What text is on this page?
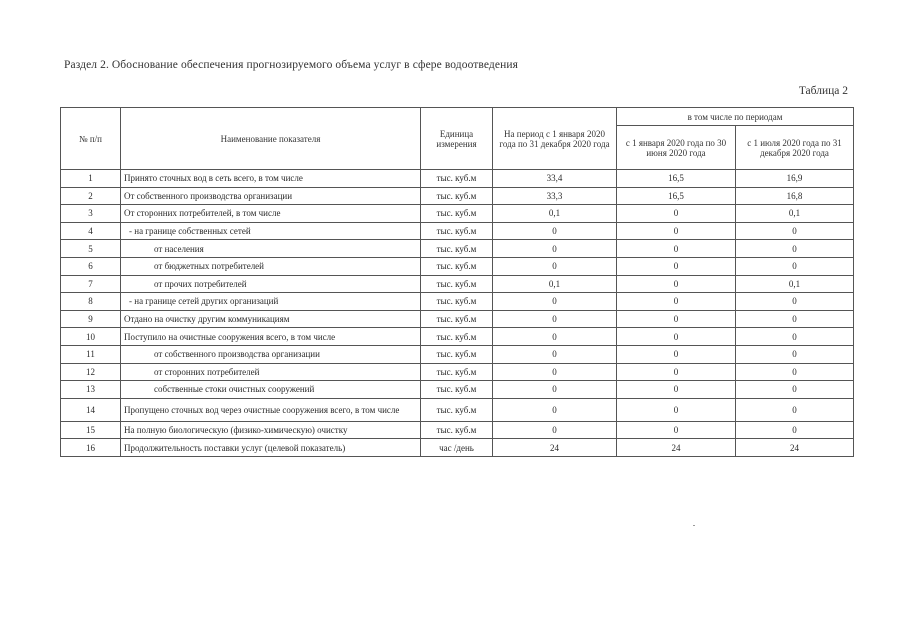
Раздел 2. Обоснование обеспечения прогнозируемого объема услуг в сфере водоотведения
Таблица 2
№ п/п	Наименование показателя	Единица измерения	На период с 1 января 2020 года по 31 декабря 2020 года	в том числе по периодам	
				с 1 января 2020 года по 30 июня 2020 года	с 1 июля 2020 года по 31 декабря 2020 года
1	Принято сточных вод в сеть всего, в том числе	тыс. куб.м	33,4	16,5	16,9
2	От собственного производства организации	тыс. куб.м	33,3	16,5	16,8
3	От сторонних потребителей, в том числе	тыс. куб.м	0,1	0	0,1
4	- на границе собственных сетей	тыс. куб.м	0	0	0
5	от населения	тыс. куб.м	0	0	0
6	от бюджетных потребителей	тыс. куб.м	0	0	0
7	от прочих потребителей	тыс. куб.м	0,1	0	0,1
8	- на границе сетей других организаций	тыс. куб.м	0	0	0
9	Отдано на очистку другим коммуникациям	тыс. куб.м	0	0	0
10	Поступило на очистные сооружения всего, в том числе	тыс. куб.м	0	0	0
11	от собственного производства организации	тыс. куб.м	0	0	0
12	от сторонних потребителей	тыс. куб.м	0	0	0
13	собственные стоки очистных сооружений	тыс. куб.м	0	0	0
14	Пропущено сточных вод через очистные сооружения всего, в том числе	тыс. куб.м	0	0	0
15	На полную биологическую (физико-химическую) очистку	тыс. куб.м	0	0	0
16	Продолжительность поставки услуг (целевой показатель)	час /день	24	24	24
